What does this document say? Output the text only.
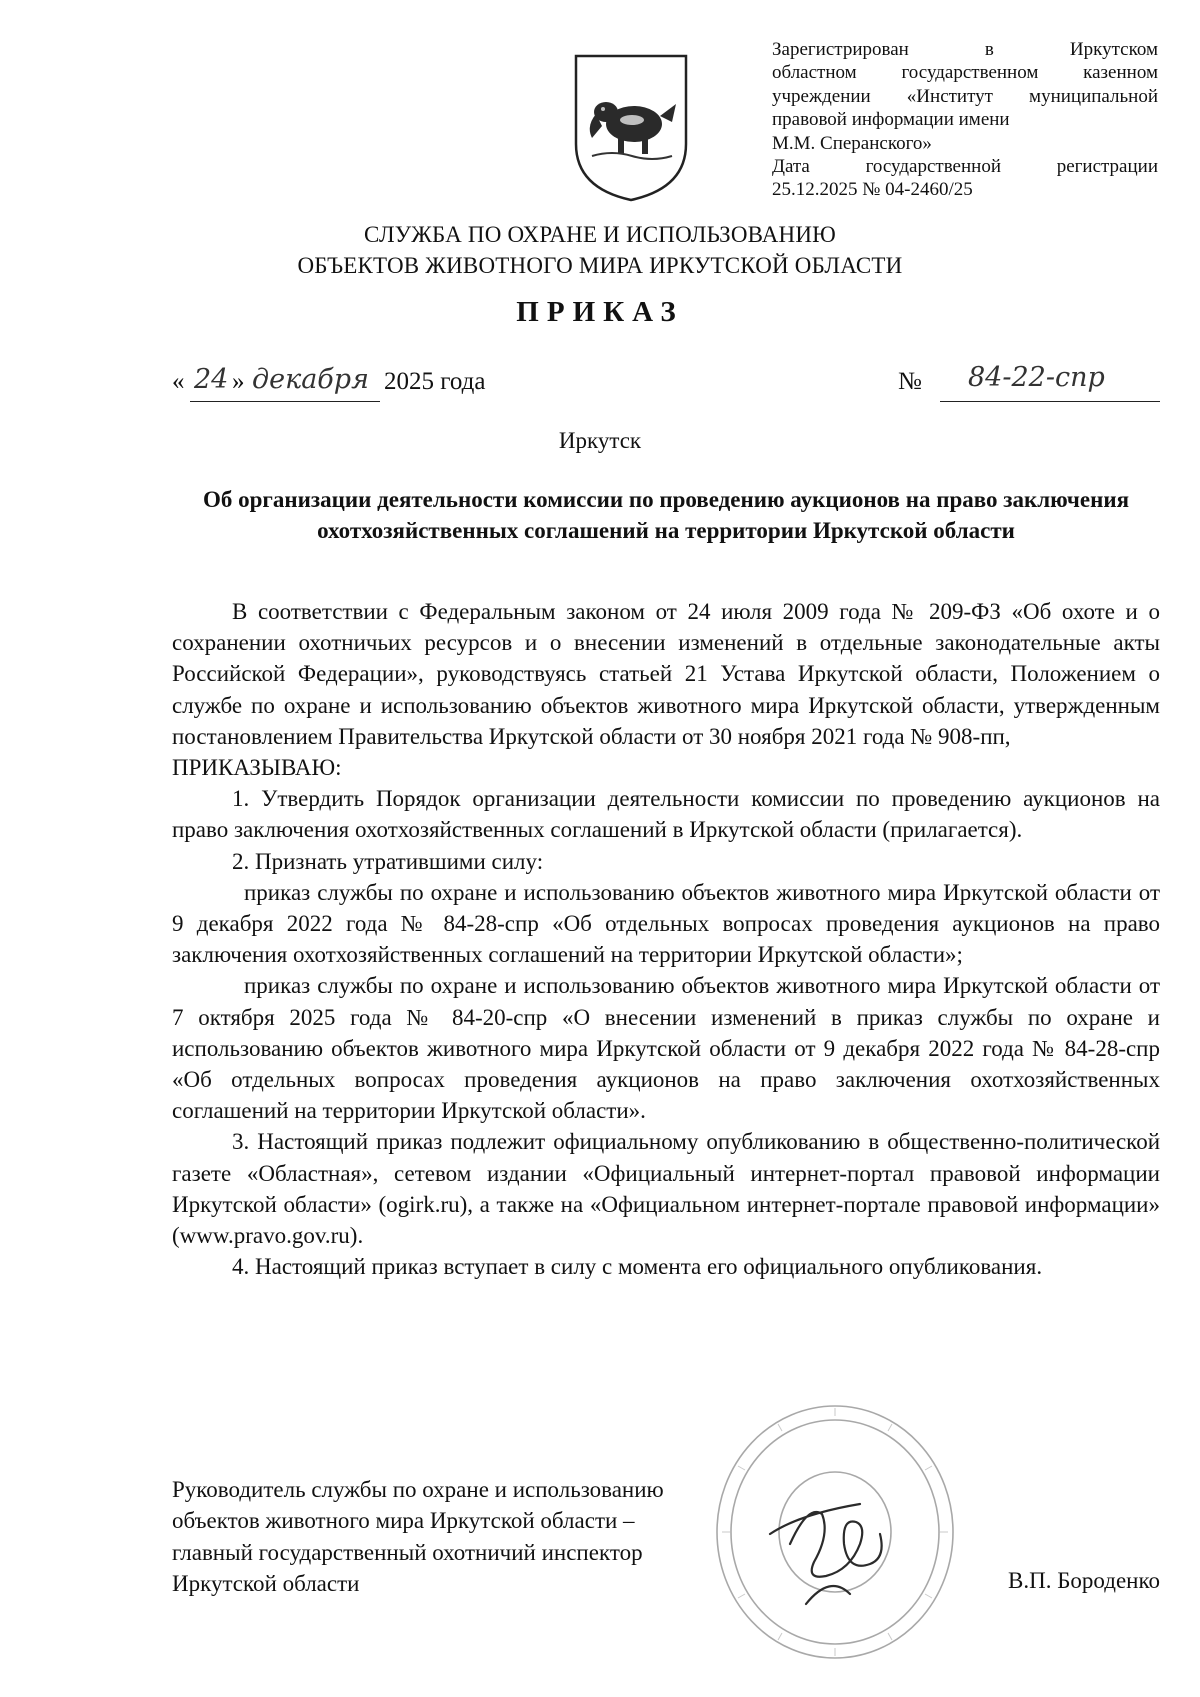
Зарегистрирован в Иркутском
областном государственном казенном
учреждении «Институт муниципальной
правовой информации имени
М.М. Сперанского»
Дата государственной регистрации
25.12.2025 № 04-2460/25
СЛУЖБА ПО ОХРАНЕ И ИСПОЛЬЗОВАНИЮ
ОБЪЕКТОВ ЖИВОТНОГО МИРА ИРКУТСКОЙ ОБЛАСТИ
ПРИКАЗ
« 24 » декабря 2025 года	№ 84-22-спр
Иркутск
Об организации деятельности комиссии по проведению аукционов на право заключения охотхозяйственных соглашений на территории Иркутской области

В соответствии с Федеральным законом от 24 июля 2009 года № 209-ФЗ «Об охоте и о сохранении охотничьих ресурсов и о внесении изменений в отдельные законодательные акты Российской Федерации», руководствуясь статьей 21 Устава Иркутской области, Положением о службе по охране и использованию объектов животного мира Иркутской области, утвержденным постановлением Правительства Иркутской области от 30 ноября 2021 года № 908-пп,

ПРИКАЗЫВАЮ:

1. Утвердить Порядок организации деятельности комиссии по проведению аукционов на право заключения охотхозяйственных соглашений в Иркутской области (прилагается).

2. Признать утратившими силу:

приказ службы по охране и использованию объектов животного мира Иркутской области от 9 декабря 2022 года № 84-28-спр «Об отдельных вопросах проведения аукционов на право заключения охотхозяйственных соглашений на территории Иркутской области»;

приказ службы по охране и использованию объектов животного мира Иркутской области от 7 октября 2025 года № 84-20-спр «О внесении изменений в приказ службы по охране и использованию объектов животного мира Иркутской области от 9 декабря 2022 года № 84-28-спр «Об отдельных вопросах проведения аукционов на право заключения охотхозяйственных соглашений на территории Иркутской области».

3. Настоящий приказ подлежит официальному опубликованию в общественно-политической газете «Областная», сетевом издании «Официальный интернет-портал правовой информации Иркутской области» (ogirk.ru), а также на «Официальном интернет-портале правовой информации» (www.pravo.gov.ru).

4. Настоящий приказ вступает в силу с момента его официального опубликования.

Руководитель службы по охране и использованию
объектов животного мира Иркутской области –
главный государственный охотничий инспектор
Иркутской области	В.П. Бороденко
